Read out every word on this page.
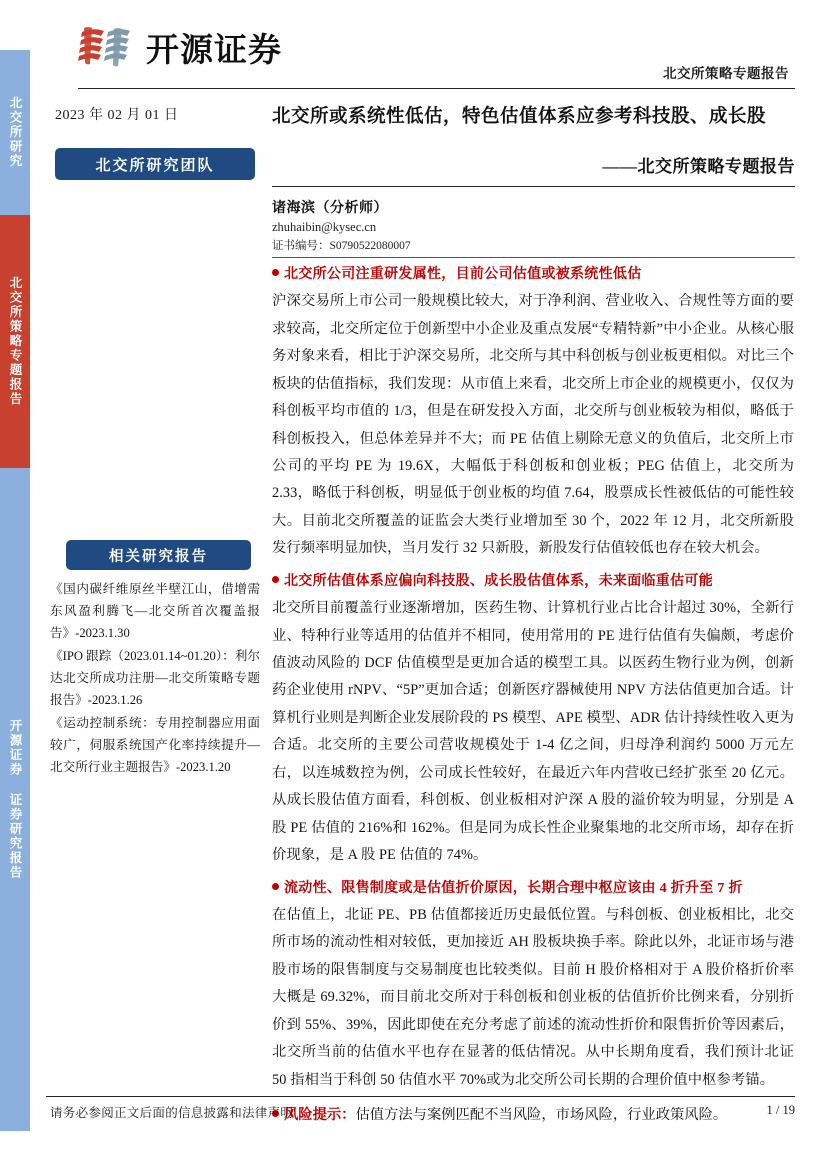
北交所研究
北交所策略专题报告
开源证券 证券研究报告
开源证券
北交所策略专题报告
2023 年 02 月 01 日
北交所研究团队
北交所或系统性低估，特色估值体系应参考科技股、成长股
——北交所策略专题报告
诸海滨（分析师）
zhuhaibin@kysec.cn
证书编号：S0790522080007

北交所公司注重研发属性，目前公司估值或被系统性低估

沪深交易所上市公司一般规模比较大，对于净利润、营业收入、合规性等方面的要求较高，北交所定位于创新型中小企业及重点发展“专精特新”中小企业。从核心服务对象来看，相比于沪深交易所，北交所与其中科创板与创业板更相似。对比三个板块的估值指标，我们发现：从市值上来看，北交所上市企业的规模更小，仅仅为科创板平均市值的 1/3，但是在研发投入方面，北交所与创业板较为相似，略低于科创板投入，但总体差异并不大；而 PE 估值上剔除无意义的负值后，北交所上市公司的平均 PE 为 19.6X，大幅低于科创板和创业板；PEG 估值上，北交所为 2.33，略低于科创板，明显低于创业板的均值 7.64，股票成长性被低估的可能性较大。目前北交所覆盖的证监会大类行业增加至 30 个，2022 年 12 月，北交所新股发行频率明显加快，当月发行 32 只新股，新股发行估值较低也存在较大机会。

北交所估值体系应偏向科技股、成长股估值体系，未来面临重估可能

北交所目前覆盖行业逐渐增加，医药生物、计算机行业占比合计超过 30%，全新行业、特种行业等适用的估值并不相同，使用常用的 PE 进行估值有失偏颇，考虑价值波动风险的 DCF 估值模型是更加合适的模型工具。以医药生物行业为例，创新药企业使用 rNPV、“5P”更加合适；创新医疗器械使用 NPV 方法估值更加合适。计算机行业则是判断企业发展阶段的 PS 模型、APE 模型、ADR 估计持续性收入更为合适。北交所的主要公司营收规模处于 1-4 亿之间，归母净利润约 5000 万元左右，以连城数控为例，公司成长性较好，在最近六年内营收已经扩张至 20 亿元。从成长股估值方面看，科创板、创业板相对沪深 A 股的溢价较为明显，分别是 A 股 PE 估值的 216%和 162%。但是同为成长性企业聚集地的北交所市场，却存在折价现象，是 A 股 PE 估值的 74%。

流动性、限售制度或是估值折价原因，长期合理中枢应该由 4 折升至 7 折

在估值上，北证 PE、PB 估值都接近历史最低位置。与科创板、创业板相比，北交所市场的流动性相对较低，更加接近 AH 股板块换手率。除此以外，北证市场与港股市场的限售制度与交易制度也比较类似。目前 H 股价格相对于 A 股价格折价率大概是 69.32%，而目前北交所对于科创板和创业板的估值折价比例来看，分别折价到 55%、39%，因此即使在充分考虑了前述的流动性折价和限售折价等因素后，北交所当前的估值水平也存在显著的低估情况。从中长期角度看，我们预计北证 50 指相当于科创 50 估值水平 70%或为北交所公司长期的合理价值中枢参考锚。

风险提示：估值方法与案例匹配不当风险，市场风险，行业政策风险。

相关研究报告
《国内碳纤维原丝半壁江山，借增需东风盈利腾飞—北交所首次覆盖报告》-2023.1.30
《IPO 跟踪（2023.01.14~01.20）：利尔达北交所成功注册—北交所策略专题报告》-2023.1.26
《运动控制系统：专用控制器应用面较广，伺服系统国产化率持续提升—北交所行业主题报告》-2023.1.20
请务必参阅正文后面的信息披露和法律声明	1 / 19
